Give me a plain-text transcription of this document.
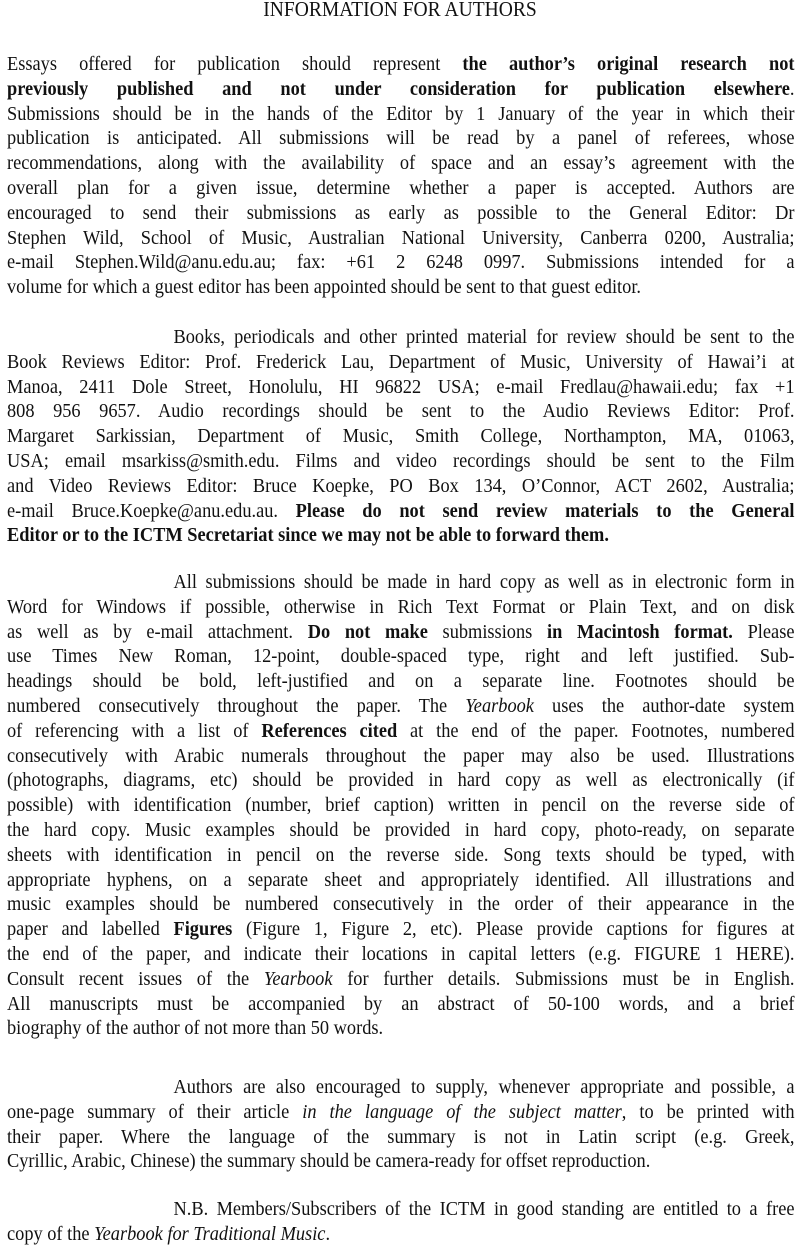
INFORMATION FOR AUTHORS
Essays offered for publication should represent the author’s original research not
previously published and not under consideration for publication elsewhere.
Submissions should be in the hands of the Editor by 1 January of the year in which their
publication is anticipated. All submissions will be read by a panel of referees, whose
recommendations, along with the availability of space and an essay’s agreement with the
overall plan for a given issue, determine whether a paper is accepted. Authors are
encouraged to send their submissions as early as possible to the General Editor: Dr
Stephen Wild, School of Music, Australian National University, Canberra 0200, Australia;
e-mail Stephen.Wild@anu.edu.au; fax: +61 2 6248 0997. Submissions intended for a
volume for which a guest editor has been appointed should be sent to that guest editor.
Books, periodicals and other printed material for review should be sent to the
Book Reviews Editor: Prof. Frederick Lau, Department of Music, University of Hawai’i at
Manoa, 2411 Dole Street, Honolulu, HI 96822 USA; e-mail Fredlau@hawaii.edu; fax +1
808 956 9657. Audio recordings should be sent to the Audio Reviews Editor: Prof.
Margaret Sarkissian, Department of Music, Smith College, Northampton, MA, 01063,
USA; email msarkiss@smith.edu. Films and video recordings should be sent to the Film
and Video Reviews Editor: Bruce Koepke, PO Box 134, O’Connor, ACT 2602, Australia;
e-mail Bruce.Koepke@anu.edu.au. Please do not send review materials to the General
Editor or to the ICTM Secretariat since we may not be able to forward them.
All submissions should be made in hard copy as well as in electronic form in
Word for Windows if possible, otherwise in Rich Text Format or Plain Text, and on disk
as well as by e-mail attachment. Do not make submissions in Macintosh format. Please
use Times New Roman, 12-point, double-spaced type, right and left justified. Sub-
headings should be bold, left-justified and on a separate line. Footnotes should be
numbered consecutively throughout the paper. The Yearbook uses the author-date system
of referencing with a list of References cited at the end of the paper. Footnotes, numbered
consecutively with Arabic numerals throughout the paper may also be used. Illustrations
(photographs, diagrams, etc) should be provided in hard copy as well as electronically (if
possible) with identification (number, brief caption) written in pencil on the reverse side of
the hard copy. Music examples should be provided in hard copy, photo-ready, on separate
sheets with identification in pencil on the reverse side. Song texts should be typed, with
appropriate hyphens, on a separate sheet and appropriately identified. All illustrations and
music examples should be numbered consecutively in the order of their appearance in the
paper and labelled Figures (Figure 1, Figure 2, etc). Please provide captions for figures at
the end of the paper, and indicate their locations in capital letters (e.g. FIGURE 1 HERE).
Consult recent issues of the Yearbook for further details. Submissions must be in English.
All manuscripts must be accompanied by an abstract of 50-100 words, and a brief
biography of the author of not more than 50 words.
Authors are also encouraged to supply, whenever appropriate and possible, a
one-page summary of their article in the language of the subject matter, to be printed with
their paper. Where the language of the summary is not in Latin script (e.g. Greek,
Cyrillic, Arabic, Chinese) the summary should be camera-ready for offset reproduction.
N.B. Members/Subscribers of the ICTM in good standing are entitled to a free
copy of the Yearbook for Traditional Music.
